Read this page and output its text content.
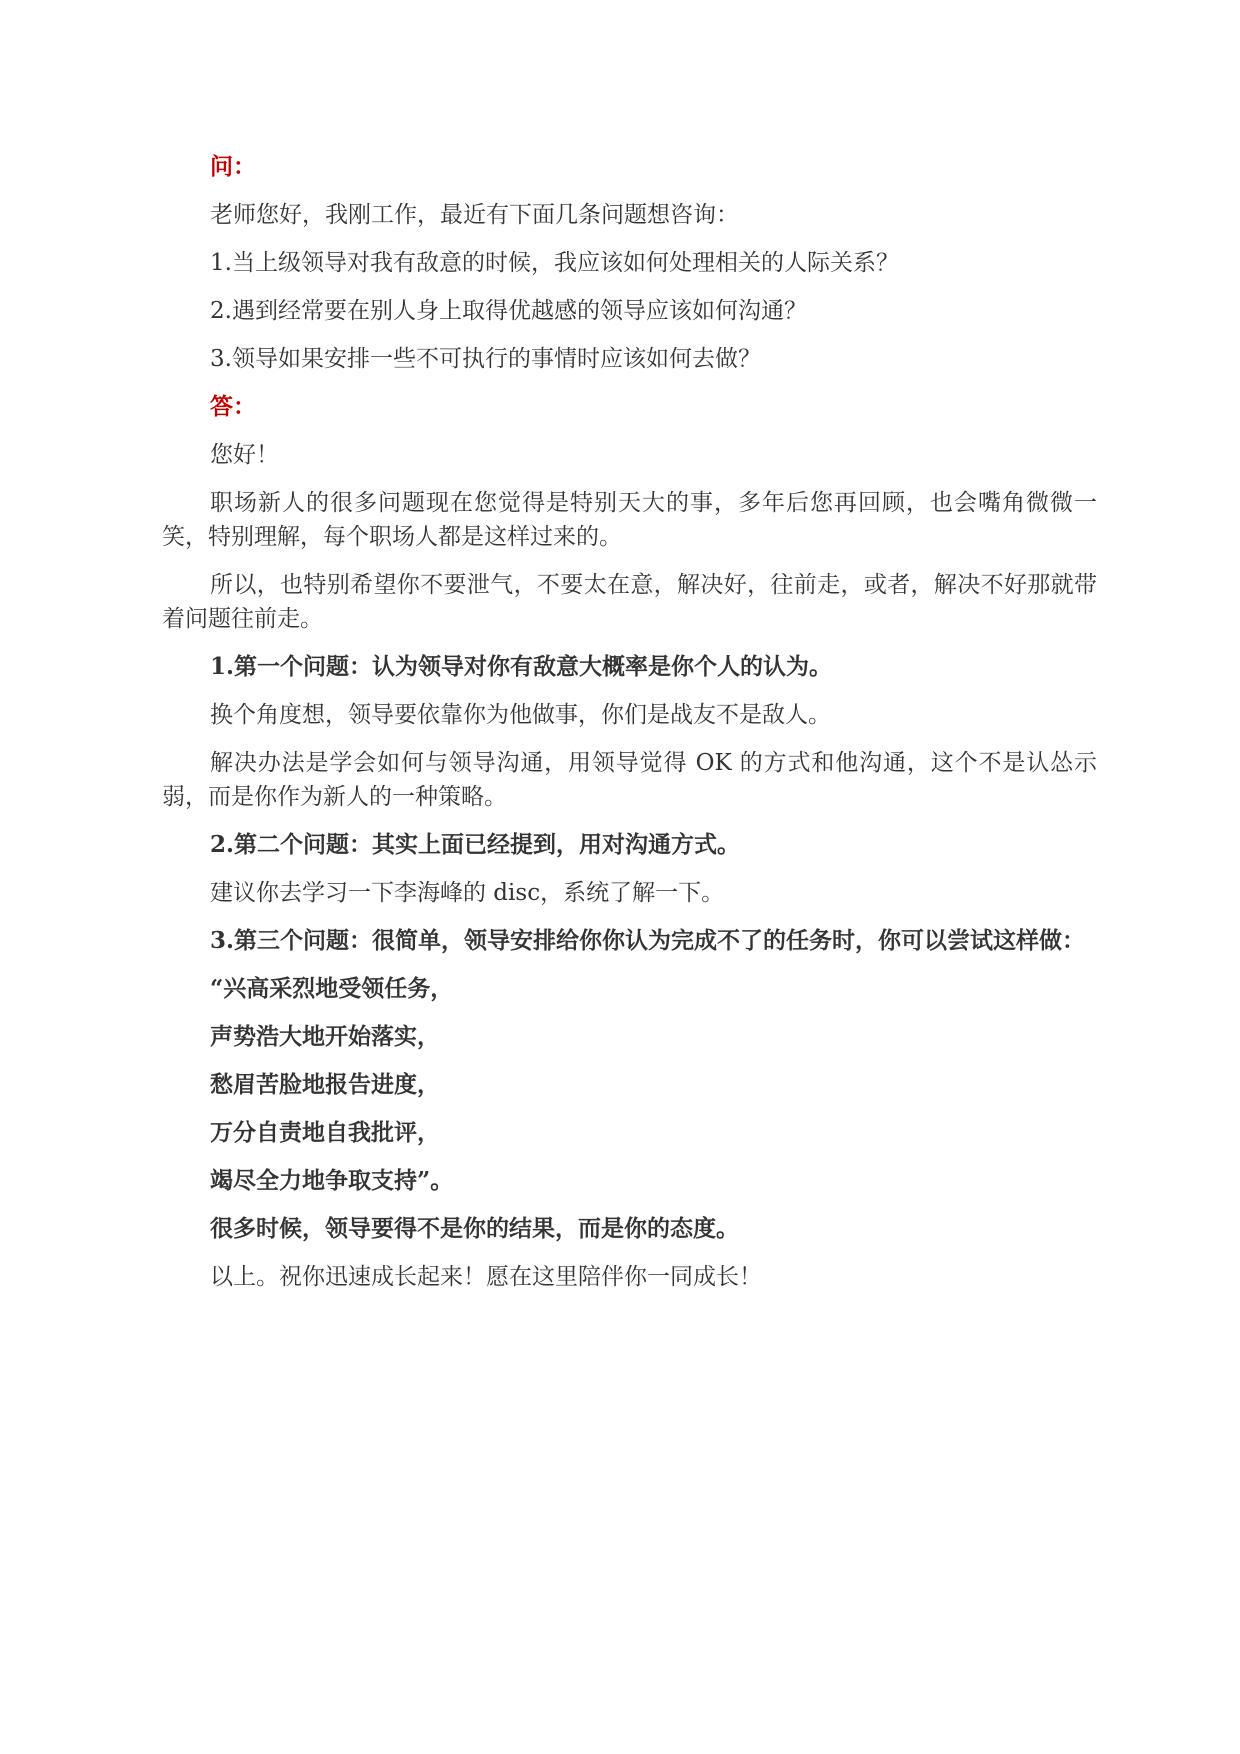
问：

老师您好，我刚工作，最近有下面几条问题想咨询：

1.当上级领导对我有敌意的时候，我应该如何处理相关的人际关系？

2.遇到经常要在别人身上取得优越感的领导应该如何沟通？

3.领导如果安排一些不可执行的事情时应该如何去做？

答：

您好！

职场新人的很多问题现在您觉得是特别天大的事，多年后您再回顾，也会嘴角微微一笑，特别理解，每个职场人都是这样过来的。

所以，也特别希望你不要泄气，不要太在意，解决好，往前走，或者，解决不好那就带着问题往前走。

1.第一个问题：认为领导对你有敌意大概率是你个人的认为。

换个角度想，领导要依靠你为他做事，你们是战友不是敌人。

解决办法是学会如何与领导沟通，用领导觉得 OK 的方式和他沟通，这个不是认怂示弱，而是你作为新人的一种策略。

2.第二个问题：其实上面已经提到，用对沟通方式。

建议你去学习一下李海峰的 disc，系统了解一下。

3.第三个问题：很简单，领导安排给你你认为完成不了的任务时，你可以尝试这样做：

“兴高采烈地受领任务，

声势浩大地开始落实，

愁眉苦脸地报告进度，

万分自责地自我批评，

竭尽全力地争取支持”。

很多时候，领导要得不是你的结果，而是你的态度。

以上。祝你迅速成长起来！愿在这里陪伴你一同成长！
